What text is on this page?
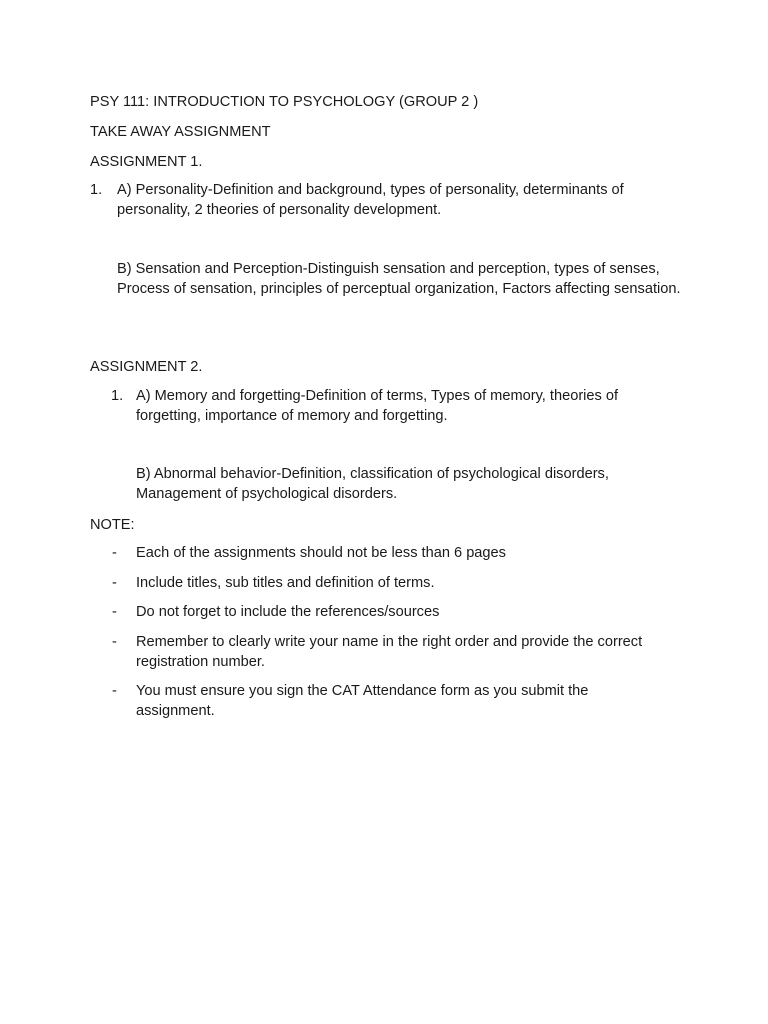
PSY 111: INTRODUCTION TO PSYCHOLOGY (GROUP 2 )
TAKE AWAY ASSIGNMENT
ASSIGNMENT 1.
1. A) Personality-Definition and background, types of personality, determinants of personality, 2 theories of personality development.
B) Sensation and Perception-Distinguish sensation and perception, types of senses, Process of sensation, principles of perceptual organization, Factors affecting sensation.
ASSIGNMENT 2.
1. A) Memory and forgetting-Definition of terms, Types of memory, theories of forgetting, importance of memory and forgetting.
B) Abnormal behavior-Definition, classification of psychological disorders, Management of psychological disorders.
NOTE:
- Each of the assignments should not be less than 6 pages
- Include titles, sub titles and definition of terms.
- Do not forget to include the references/sources
- Remember to clearly write your name in the right order and provide the correct registration number.
- You must ensure you sign the CAT Attendance form as you submit the assignment.
